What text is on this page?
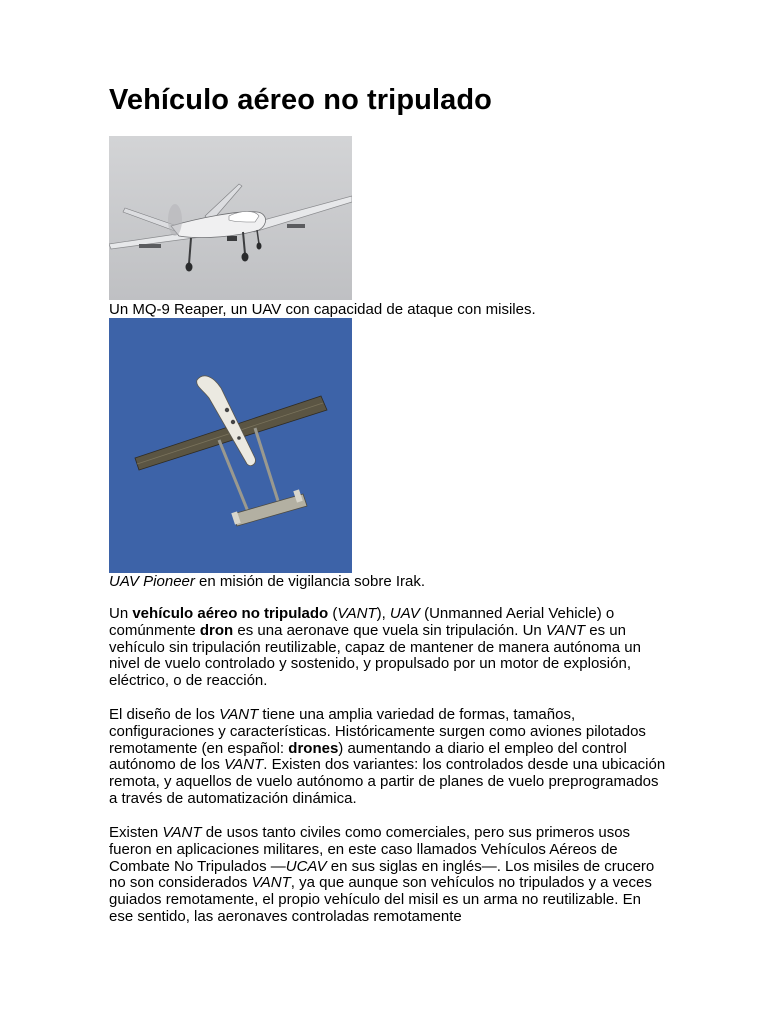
Vehículo aéreo no tripulado

Un MQ-9 Reaper, un UAV con capacidad de ataque con misiles.

UAV Pioneer en misión de vigilancia sobre Irak.

Un vehículo aéreo no tripulado (VANT), UAV (Unmanned Aerial Vehicle) o comúnmente dron es una aeronave que vuela sin tripulación. Un VANT es un vehículo sin tripulación reutilizable, capaz de mantener de manera autónoma un nivel de vuelo controlado y sostenido, y propulsado por un motor de explosión, eléctrico, o de reacción.

El diseño de los VANT tiene una amplia variedad de formas, tamaños, configuraciones y características. Históricamente surgen como aviones pilotados remotamente (en español: drones) aumentando a diario el empleo del control autónomo de los VANT. Existen dos variantes: los controlados desde una ubicación remota, y aquellos de vuelo autónomo a partir de planes de vuelo preprogramados a través de automatización dinámica.

Existen VANT de usos tanto civiles como comerciales, pero sus primeros usos fueron en aplicaciones militares, en este caso llamados Vehículos Aéreos de Combate No Tripulados —UCAV en sus siglas en inglés—. Los misiles de crucero no son considerados VANT, ya que aunque son vehículos no tripulados y a veces guiados remotamente, el propio vehículo del misil es un arma no reutilizable. En ese sentido, las aeronaves controladas remotamente
